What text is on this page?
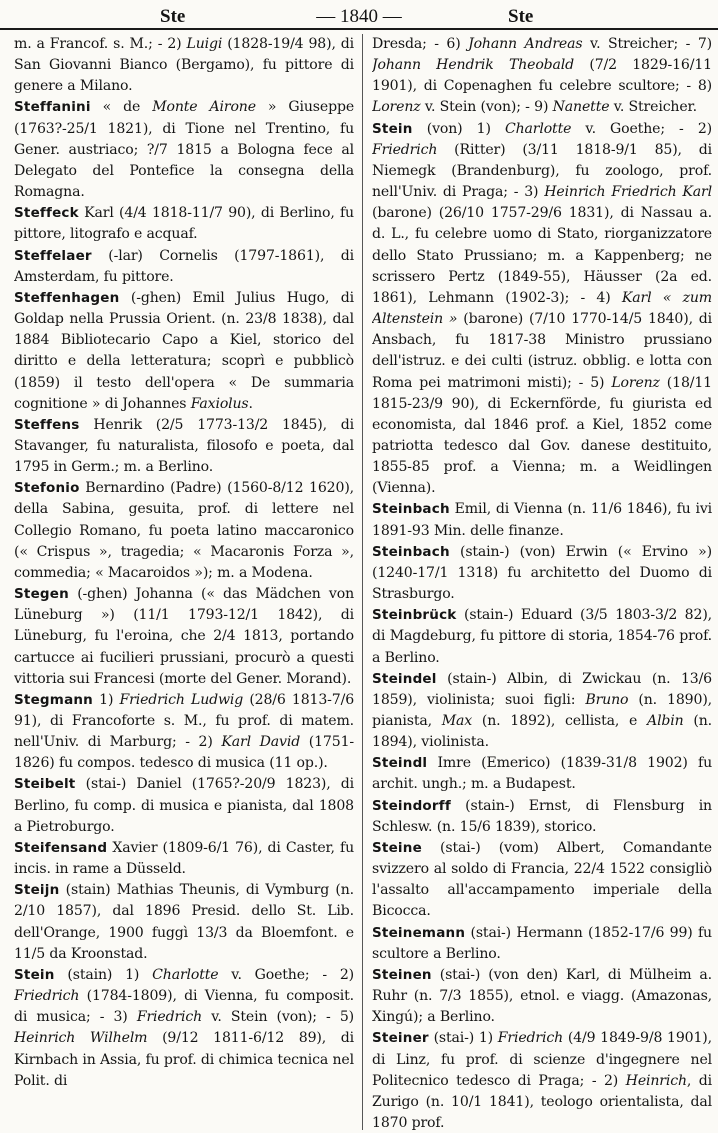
Ste	— 1840 —	Ste

m. a Francof. s. M.; - 2) Luigi (1828-19/4 98), di San Giovanni Bianco (Bergamo), fu pittore di genere a Milano.

Steffanini « de Monte Airone » Giuseppe (1763?-25/1 1821), di Tione nel Trentino, fu Gener. austriaco; ?/7 1815 a Bologna fece al Delegato del Pontefice la consegna della Romagna.

Steffeck Karl (4/4 1818-11/7 90), di Berlino, fu pittore, litografo e acquaf.

Steffelaer (-lar) Cornelis (1797-1861), di Amsterdam, fu pittore.

Steffenhagen (-ghen) Emil Julius Hugo, di Goldap nella Prussia Orient. (n. 23/8 1838), dal 1884 Bibliotecario Capo a Kiel, storico del diritto e della letteratura; scoprì e pubblicò (1859) il testo dell'opera « De summaria cognitione » di Johannes Faxiolus.

Steffens Henrik (2/5 1773-13/2 1845), di Stavanger, fu naturalista, filosofo e poeta, dal 1795 in Germ.; m. a Berlino.

Stefonio Bernardino (Padre) (1560-8/12 1620), della Sabina, gesuita, prof. di lettere nel Collegio Romano, fu poeta latino maccaronico (« Crispus », tragedia; « Macaronis Forza », commedia; « Macaroidos »); m. a Modena.

Stegen (-ghen) Johanna (« das Mädchen von Lüneburg ») (11/1 1793-12/1 1842), di Lüneburg, fu l'eroina, che 2/4 1813, portando cartucce ai fucilieri prussiani, procurò a questi vittoria sui Francesi (morte del Gener. Morand).

Stegmann 1) Friedrich Ludwig (28/6 1813-7/6 91), di Francoforte s. M., fu prof. di matem. nell'Univ. di Marburg; - 2) Karl David (1751-1826) fu compos. tedesco di musica (11 op.).

Steibelt (stai-) Daniel (1765?-20/9 1823), di Berlino, fu comp. di musica e pianista, dal 1808 a Pietroburgo.

Steifensand Xavier (1809-6/1 76), di Caster, fu incis. in rame a Düsseld.

Steijn (stain) Mathias Theunis, di Vymburg (n. 2/10 1857), dal 1896 Presid. dello St. Lib. dell'Orange, 1900 fuggì 13/3 da Bloemfont. e 11/5 da Kroonstad.

Stein (stain) 1) Charlotte v. Goethe; - 2) Friedrich (1784-1809), di Vienna, fu composit. di musica; - 3) Friedrich v. Stein (von); - 5) Heinrich Wilhelm (9/12 1811-6/12 89), di Kirnbach in Assia, fu prof. di chimica tecnica nel Polit. di

Dresda; - 6) Johann Andreas v. Streicher; - 7) Johann Hendrik Theobald (7/2 1829-16/11 1901), di Copenaghen fu celebre scultore; - 8) Lorenz v. Stein (von); - 9) Nanette v. Streicher.

Stein (von) 1) Charlotte v. Goethe; - 2) Friedrich (Ritter) (3/11 1818-9/1 85), di Niemegk (Brandenburg), fu zoologo, prof. nell'Univ. di Praga; - 3) Heinrich Friedrich Karl (barone) (26/10 1757-29/6 1831), di Nassau a. d. L., fu celebre uomo di Stato, riorganizzatore dello Stato Prussiano; m. a Kappenberg; ne scrissero Pertz (1849-55), Häusser (2a ed. 1861), Lehmann (1902-3); - 4) Karl « zum Altenstein » (barone) (7/10 1770-14/5 1840), di Ansbach, fu 1817-38 Ministro prussiano dell'istruz. e dei culti (istruz. obblig. e lotta con Roma pei matrimoni misti); - 5) Lorenz (18/11 1815-23/9 90), di Eckernförde, fu giurista ed economista, dal 1846 prof. a Kiel, 1852 come patriotta tedesco dal Gov. danese destituito, 1855-85 prof. a Vienna; m. a Weidlingen (Vienna).

Steinbach Emil, di Vienna (n. 11/6 1846), fu ivi 1891-93 Min. delle finanze.

Steinbach (stain-) (von) Erwin (« Ervino ») (1240-17/1 1318) fu architetto del Duomo di Strasburgo.

Steinbrück (stain-) Eduard (3/5 1803-3/2 82), di Magdeburg, fu pittore di storia, 1854-76 prof. a Berlino.

Steindel (stain-) Albin, di Zwickau (n. 13/6 1859), violinista; suoi figli: Bruno (n. 1890), pianista, Max (n. 1892), cellista, e Albin (n. 1894), violinista.

Steindl Imre (Emerico) (1839-31/8 1902) fu archit. ungh.; m. a Budapest.

Steindorff (stain-) Ernst, di Flensburg in Schlesw. (n. 15/6 1839), storico.

Steine (stai-) (vom) Albert, Comandante svizzero al soldo di Francia, 22/4 1522 consigliò l'assalto all'accampamento imperiale della Bicocca.

Steinemann (stai-) Hermann (1852-17/6 99) fu scultore a Berlino.

Steinen (stai-) (von den) Karl, di Mülheim a. Ruhr (n. 7/3 1855), etnol. e viagg. (Amazonas, Xingú); a Berlino.

Steiner (stai-) 1) Friedrich (4/9 1849-9/8 1901), di Linz, fu prof. di scienze d'ingegnere nel Politecnico tedesco di Praga; - 2) Heinrich, di Zurigo (n. 10/1 1841), teologo orientalista, dal 1870 prof.
